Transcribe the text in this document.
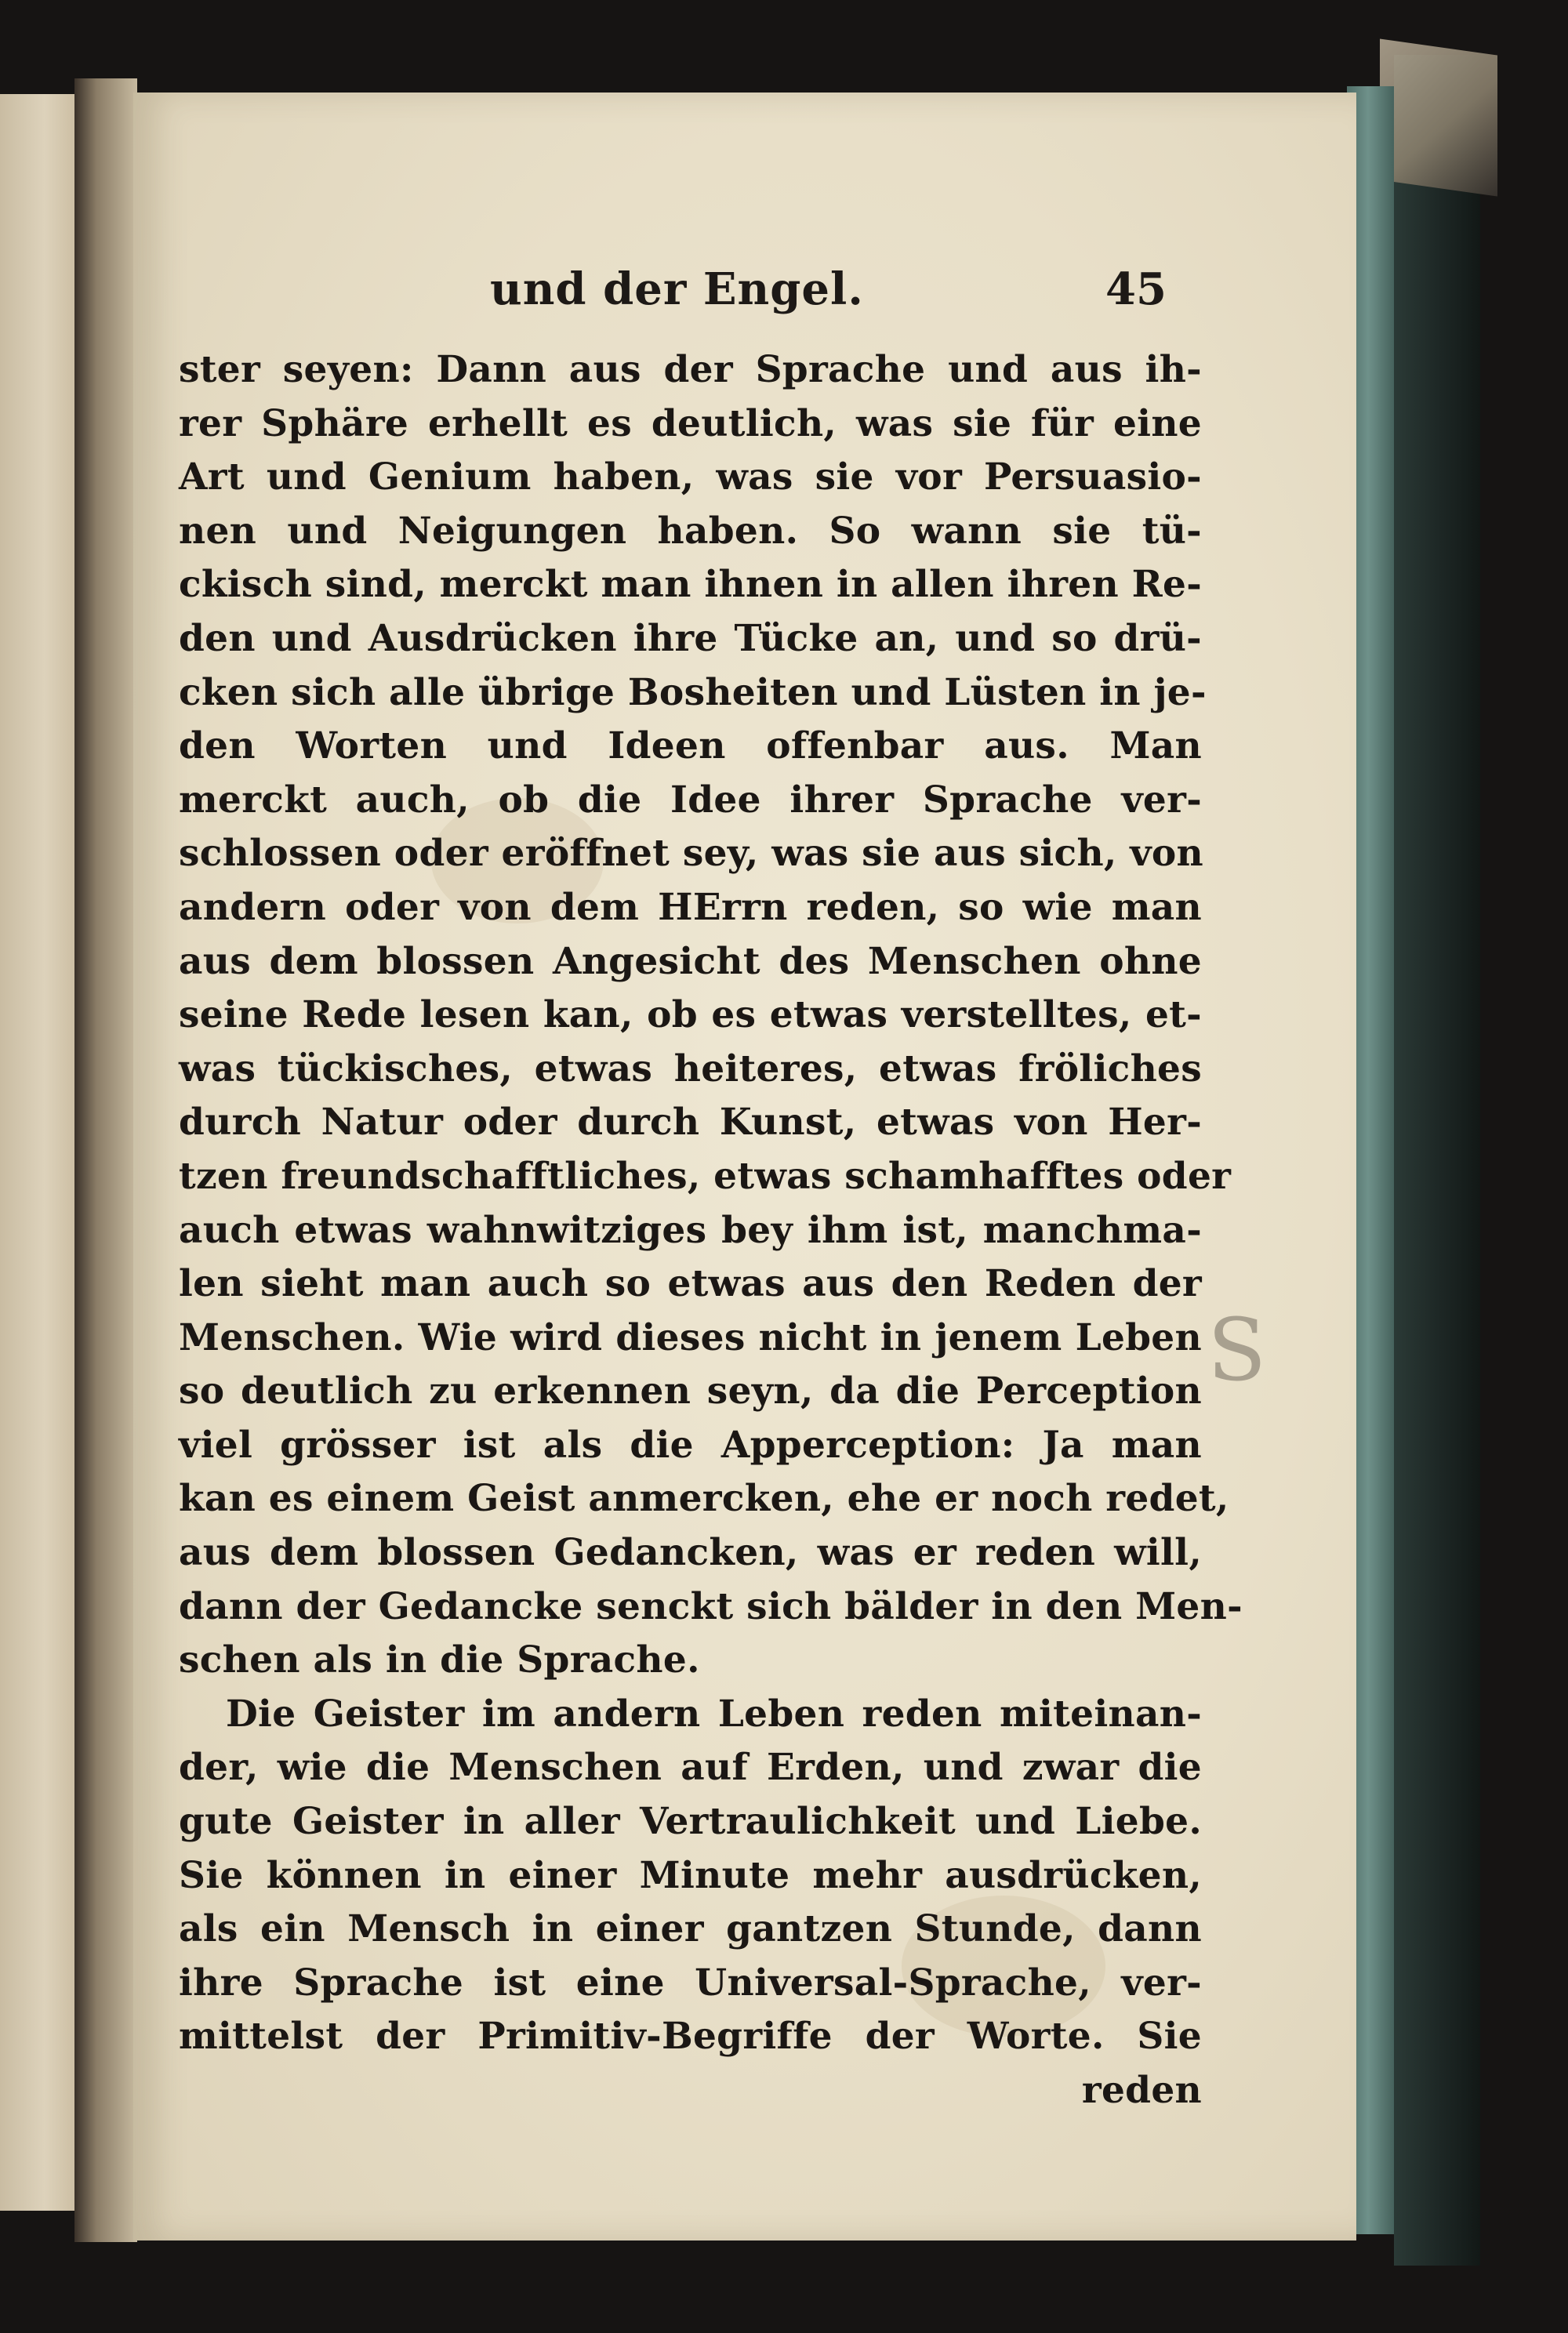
und der Engel.	45
ster seyen: Dann aus der Sprache und aus ih-
rer Sphäre erhellt es deutlich, was sie für eine
Art und Genium haben, was sie vor Persuasio-
nen und Neigungen haben. So wann sie tü-
ckisch sind, merckt man ihnen in allen ihren Re-
den und Ausdrücken ihre Tücke an, und so drü-
cken sich alle übrige Bosheiten und Lüsten in je-
den Worten und Ideen offenbar aus. Man
merckt auch, ob die Idee ihrer Sprache ver-
schlossen oder eröffnet sey, was sie aus sich, von
andern oder von dem HErrn reden, so wie man
aus dem blossen Angesicht des Menschen ohne
seine Rede lesen kan, ob es etwas verstelltes, et-
was tückisches, etwas heiteres, etwas fröliches
durch Natur oder durch Kunst, etwas von Her-
tzen freundschafftliches, etwas schamhafftes oder
auch etwas wahnwitziges bey ihm ist, manchma-
len sieht man auch so etwas aus den Reden der
Menschen. Wie wird dieses nicht in jenem Leben
so deutlich zu erkennen seyn, da die Perception
viel grösser ist als die Apperception: Ja man
kan es einem Geist anmercken, ehe er noch redet,
aus dem blossen Gedancken, was er reden will,
dann der Gedancke senckt sich bälder in den Men-
schen als in die Sprache.
Die Geister im andern Leben reden miteinan-
der, wie die Menschen auf Erden, und zwar die
gute Geister in aller Vertraulichkeit und Liebe.
Sie können in einer Minute mehr ausdrücken,
als ein Mensch in einer gantzen Stunde, dann
ihre Sprache ist eine Universal-Sprache, ver-
mittelst der Primitiv-Begriffe der Worte. Sie
reden
S
